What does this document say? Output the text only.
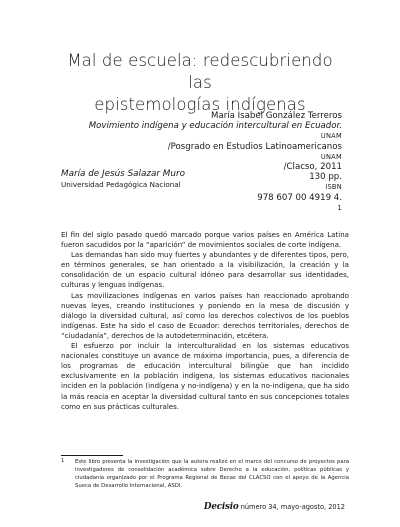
Mal de escuela: redescubriendo las
epistemologías indígenas
María Isabel González Terreros
Movimiento indígena y educación intercultural en Ecuador.
UNAM
/Posgrado en Estudios Latinoamericanos
UNAM
/Clacso, 2011
130 pp.
ISBN
978 607 00 4919 4.
$^1$
María de Jesús Salazar Muro
Universidad Pedagógica Nacional

El fin del siglo pasado quedó marcado porque varios países en América Latina fueron sacudidos por la “aparición” de movimientos sociales de corte indígena.

Las demandas han sido muy fuertes y abundantes y de diferentes tipos, pero, en términos generales, se han orientado a la visibilización, la creación y la consolidación de un espacio cultural idóneo para desarrollar sus identidades, culturas y lenguas indígenas.

Las movilizaciones indígenas en varios países han reaccionado aprobando nuevas leyes, creando instituciones y poniendo en la mesa de discusión y diálogo la diversidad cultural, así como los derechos colectivos de los pueblos indígenas. Este ha sido el caso de Ecuador: derechos territoriales, derechos de “ciudadanía”, derechos de la autodeterminación, etcétera.

El esfuerzo por incluir la interculturalidad en los sistemas educativos nacionales constituye un avance de máxima importancia, pues, a diferencia de los programas de educación intercultural bilingüe que han incidido exclusivamente en la población indígena, los sistemas educativos nacionales inciden en la población (indígena y no-indígena) y en la no-indígena, que ha sido la más reacia en aceptar la diversidad cultural tanto en sus concepciones totales como en sus prácticas culturales.

1 Este libro presenta la investigación que la autora realizó en el marco del concurso de proyectos para investigadores de consolidación académica sobre Derecho a la educación, políticas públicas y ciudadanía organizado por el Programa Regional de Becas del CLACSO con el apoyo de la Agencia Sueca de Desarrollo Internacional, ASDI.
Decisio número 34, mayo-agosto, 2012
